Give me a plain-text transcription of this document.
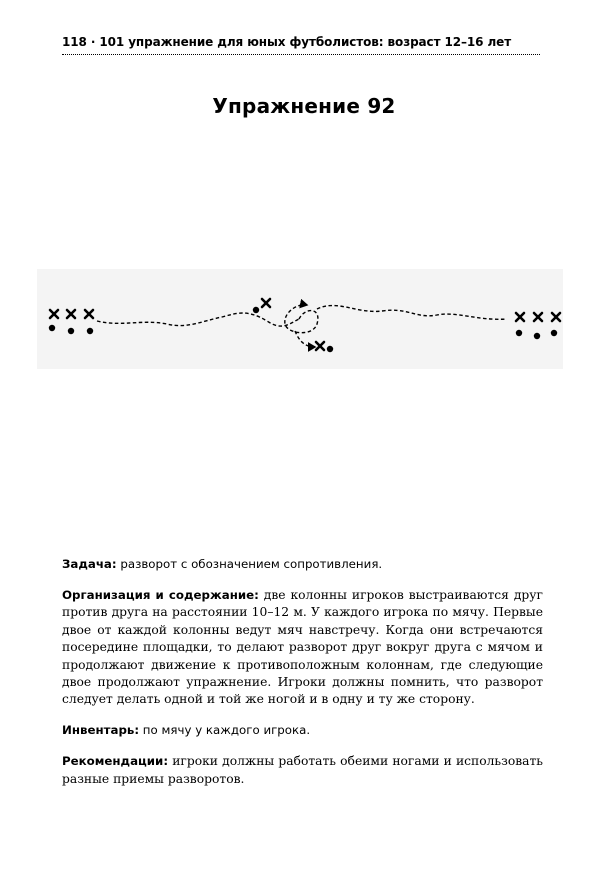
118 · 101 упражнение для юных футболистов: возраст 12–16 лет
Упражнение 92

Задача: разворот с обозначением сопротивления.

Организация и содержание: две колонны игроков выстраиваются друг против друга на расстоянии 10–12 м. У каждого игрока по мячу. Первые двое от каждой колонны ведут мяч навстречу. Когда они встречаются посередине площадки, то делают разворот друг вокруг друга с мячом и продолжают движение к противоположным колоннам, где следующие двое продолжают упражнение. Игроки должны помнить, что разворот следует делать одной и той же ногой и в одну и ту же сторону.

Инвентарь: по мячу у каждого игрока.

Рекомендации: игроки должны работать обеими ногами и использовать разные приемы разворотов.
